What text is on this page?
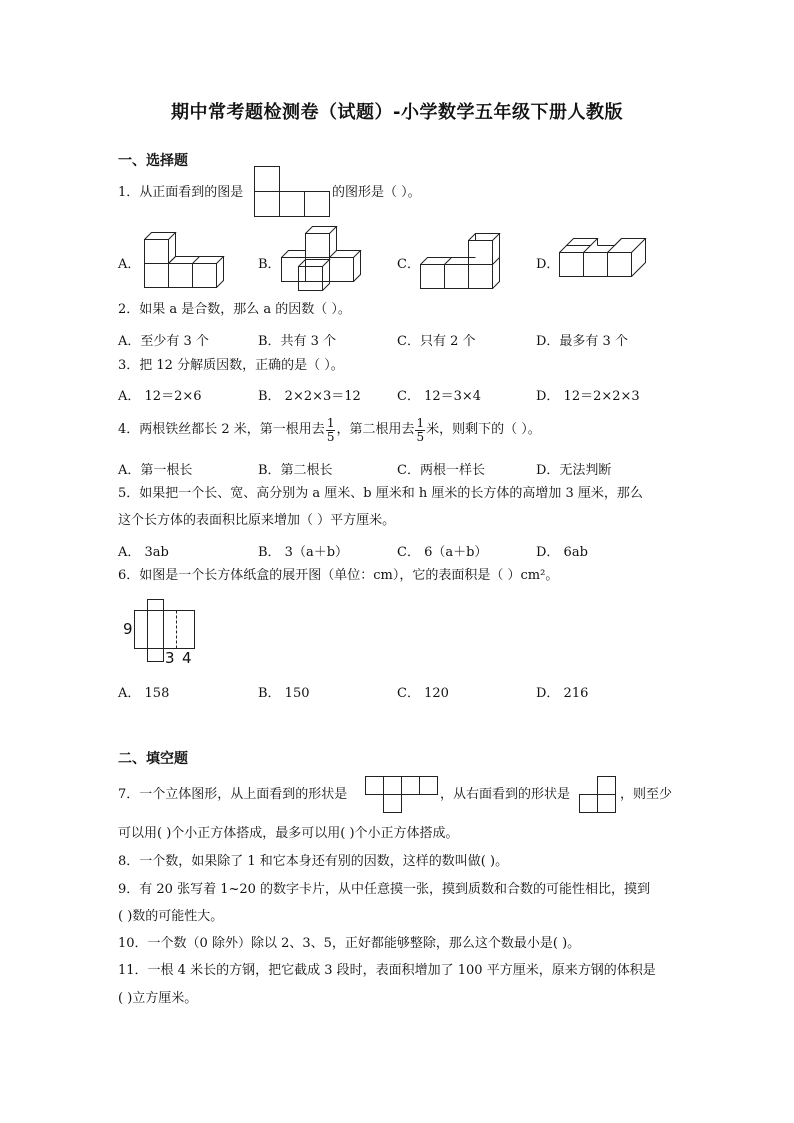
期中常考题检测卷（试题）-小学数学五年级下册人教版
一、选择题
1．从正面看到的图是	的图形是（ ）。
A．	B．	C．	D．
2．如果 a 是合数，那么 a 的因数（ ）。
A．至少有 3 个	B．共有 3 个	C．只有 2 个	D．最多有 3 个
3．把 12 分解质因数，正确的是（ ）。
A． 12＝2×6	B． 2×2×3＝12	C． 12＝3×4	D． 12＝2×2×3
4．两根铁丝都长 2 米，第一根用去 $\frac{1}{5}$ ，第二根用去 $\frac{1}{5}$ 米，则剩下的（ ）。
A．第一根长	B．第二根长	C．两根一样长	D．无法判断
5．如果把一个长、宽、高分别为 a 厘米、b 厘米和 h 厘米的长方体的高增加 3 厘米，那么
这个长方体的表面积比原来增加（ ）平方厘米。
A． 3ab	B． 3（a＋b）	C． 6（a＋b）	D． 6ab
6．如图是一个长方体纸盒的展开图（单位：cm），它的表面积是（ ）cm²。
9
3 4
A． 158	B． 150	C． 120	D． 216
二、填空题
7．一个立体图形，从上面看到的形状是	，从右面看到的形状是	，则至少
可以用( )个小正方体搭成，最多可以用( )个小正方体搭成。
8．一个数，如果除了 1 和它本身还有别的因数，这样的数叫做( )。
9．有 20 张写着 1~20 的数字卡片，从中任意摸一张，摸到质数和合数的可能性相比，摸到
( )数的可能性大。
10．一个数（0 除外）除以 2、3、5，正好都能够整除，那么这个数最小是( )。
11．一根 4 米长的方钢，把它截成 3 段时，表面积增加了 100 平方厘米，原来方钢的体积是
( )立方厘米。
